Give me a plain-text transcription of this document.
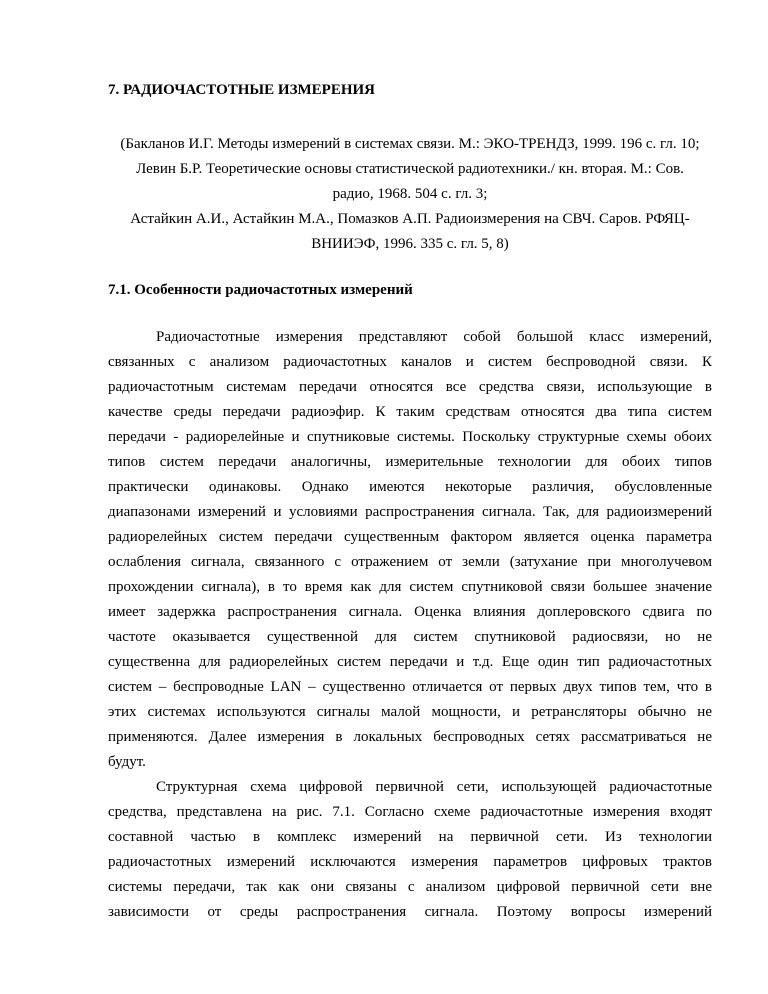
7. РАДИОЧАСТОТНЫЕ ИЗМЕРЕНИЯ
(Бакланов И.Г. Методы измерений в системах связи. М.: ЭКО-ТРЕНДЗ, 1999. 196 с. гл. 10;
Левин Б.Р. Теоретические основы статистической радиотехники./ кн. вторая. М.: Сов.
радио, 1968. 504 с. гл. 3;
Астайкин А.И., Астайкин М.А., Помазков А.П. Радиоизмерения на СВЧ. Саров. РФЯЦ-
ВНИИЭФ, 1996. 335 с. гл. 5, 8)
7.1. Особенности радиочастотных измерений
Радиочастотные измерения представляют собой большой класс измерений,
связанных с анализом радиочастотных каналов и систем беспроводной связи. К
радиочастотным системам передачи относятся все средства связи, использующие в
качестве среды передачи радиоэфир. К таким средствам относятся два типа систем
передачи - радиорелейные и спутниковые системы. Поскольку структурные схемы обоих
типов систем передачи аналогичны, измерительные технологии для обоих типов
практически одинаковы. Однако имеются некоторые различия, обусловленные
диапазонами измерений и условиями распространения сигнала. Так, для радиоизмерений
радиорелейных систем передачи существенным фактором является оценка параметра
ослабления сигнала, связанного с отражением от земли (затухание при многолучевом
прохождении сигнала), в то время как для систем спутниковой связи большее значение
имеет задержка распространения сигнала. Оценка влияния доплеровского сдвига по
частоте оказывается существенной для систем спутниковой радиосвязи, но не
существенна для радиорелейных систем передачи и т.д. Еще один тип радиочастотных
систем – беспроводные LAN – существенно отличается от первых двух типов тем, что в
этих системах используются сигналы малой мощности, и ретрансляторы обычно не
применяются. Далее измерения в локальных беспроводных сетях рассматриваться не
будут.
Структурная схема цифровой первичной сети, использующей радиочастотные
средства, представлена на рис. 7.1. Согласно схеме радиочастотные измерения входят
составной частью в комплекс измерений на первичной сети. Из технологии
радиочастотных измерений исключаются измерения параметров цифровых трактов
системы передачи, так как они связаны с анализом цифровой первичной сети вне
зависимости от среды распространения сигнала. Поэтому вопросы измерений
